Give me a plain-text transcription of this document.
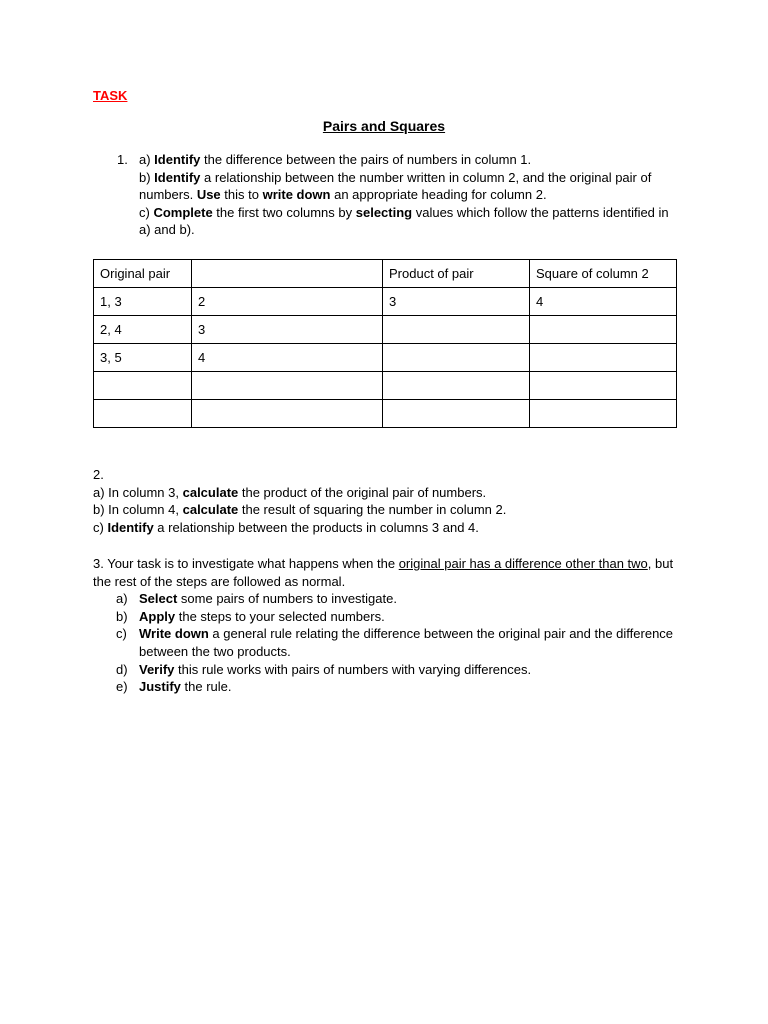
TASK
Pairs and Squares
1. a) Identify the difference between the pairs of numbers in column 1.
b) Identify a relationship between the number written in column 2, and the original pair of numbers. Use this to write down an appropriate heading for column 2.
c) Complete the first two columns by selecting values which follow the patterns identified in a) and b).
Original pair		Product of pair	Square of column 2
1, 3	2	3	4
2, 4	3		
3, 5	4		

2.
a) In column 3, calculate the product of the original pair of numbers.
b) In column 4, calculate the result of squaring the number in column 2.
c) Identify a relationship between the products in columns 3 and 4.
3. Your task is to investigate what happens when the original pair has a difference other than two, but the rest of the steps are followed as normal.
a) Select some pairs of numbers to investigate.
b) Apply the steps to your selected numbers.
c) Write down a general rule relating the difference between the original pair and the difference between the two products.
d) Verify this rule works with pairs of numbers with varying differences.
e) Justify the rule.
